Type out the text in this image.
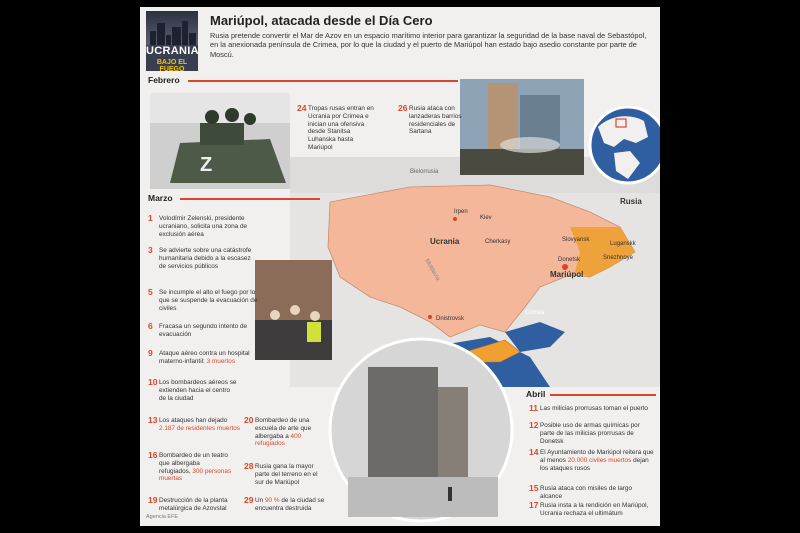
UCRANIA
BAJO EL FUEGO
Mariúpol, atacada desde el Día Cero
Rusia pretende convertir el Mar de Azov en un espacio marítimo interior para garantizar la seguridad de la base naval de Sebastópol, en la anexionada península de Crimea, por lo que la ciudad y el puerto de Mariúpol han estado bajo asedio constante por parte de Moscú.
Bielorrusia
Rusia
Ucrania
Moldavia
Crimea
Irpen
Kiev
Cherkasy	Slovyansk
Luganskk
Donetsk	Snezhnoye
Mariúpol
Dnistrovsk
Z
Febrero
24 Tropas rusas entran en Ucrania por Crimea e inician una ofensiva desde Stanitsa Luhanska hasta Mariúpol
26 Rusia ataca con lanzaderas barrios residenciales de Sartana
Marzo
1 Volodímir Zelenski, presidente ucraniano, solicita una zona de exclusión aérea
3 Se advierte sobre una catástrofe humanitaria debido a la escasez de servicios públicos
5 Se incumple el alto el fuego por lo que se suspende la evacuación de civiles
6 Fracasa un segundo intento de evacuación
9 Ataque aéreo contra un hospital materno-infantil: 3 muertos
10 Los bombardeos aéreos se extienden hacia el centro de la ciudad
13 Los ataques han dejado 2.187 de residentes muertos
16 Bombardeo de un teatro que albergaba refugiados, 300 personas muertas
19 Destrucción de la planta metalúrgica de Azovstal
20 Bombardeo de una escuela de arte que albergaba a 400 refugiados
28 Rusia gana la mayor parte del terreno en el sur de Mariúpol
29 Un 90 % de la ciudad se encuentra destruida
Abril
11 Las milicias prorrusas toman el puerto
12 Posible uso de armas químicas por parte de las milicias prorrusas de Donetsk
14 El Ayuntamiento de Mariúpol reitera que al menos 20.000 civiles muertos dejan los ataques rusos
15 Rusia ataca con misiles de largo alcance
17 Rusia insta a la rendición en Mariúpol, Ucrania rechaza el ultimátum
Agencia EFE
